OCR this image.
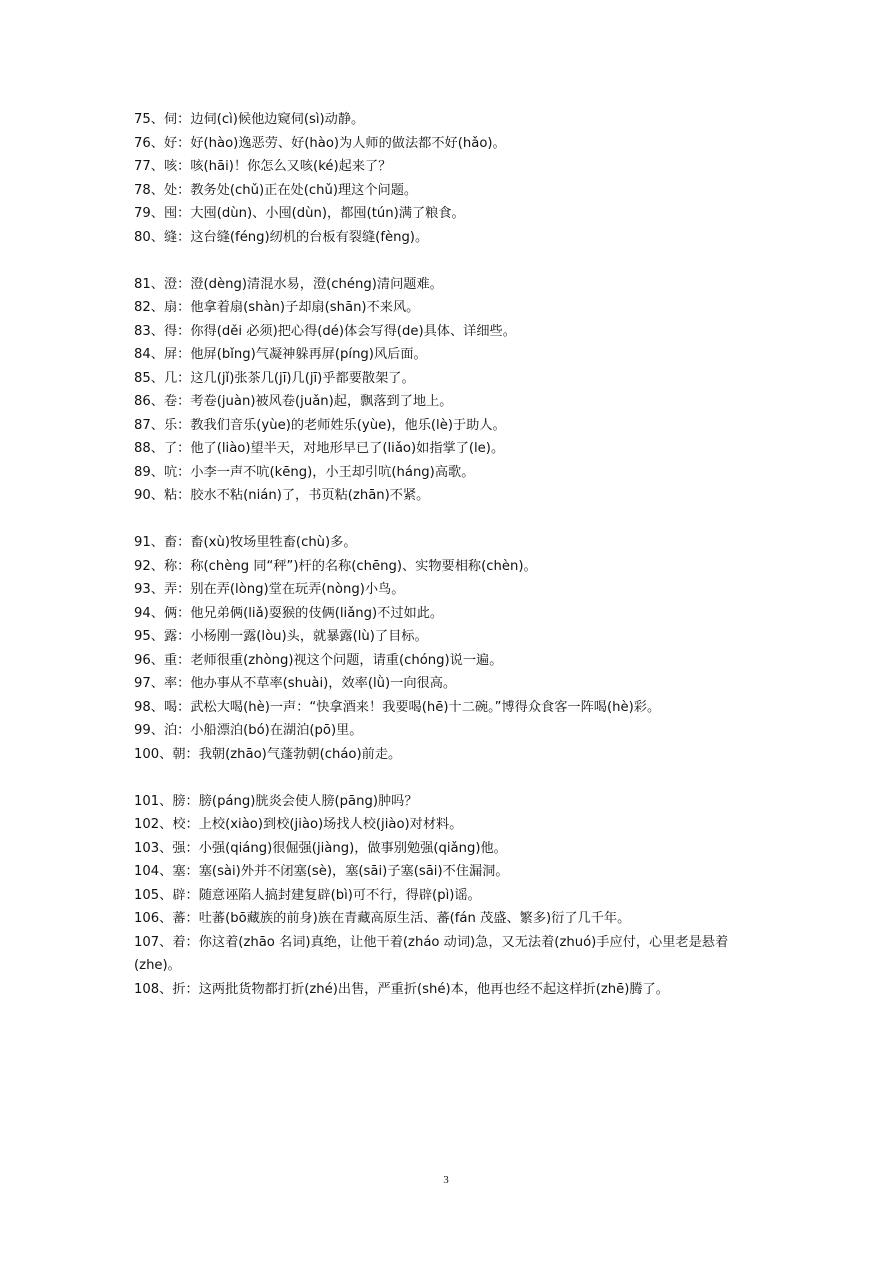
75、伺：边伺(cì)候他边窥伺(sì)动静。
76、好：好(hào)逸恶劳、好(hào)为人师的做法都不好(hǎo)。
77、咳：咳(hāi)！你怎么又咳(ké)起来了？
78、处：教务处(chǔ)正在处(chǔ)理这个问题。
79、囤：大囤(dùn)、小囤(dùn)，都囤(tún)满了粮食。
80、缝：这台缝(féng)纫机的台板有裂缝(fèng)。
81、澄：澄(dèng)清混水易，澄(chéng)清问题难。
82、扇：他拿着扇(shàn)子却扇(shān)不来风。
83、得：你得(děi 必须)把心得(dé)体会写得(de)具体、详细些。
84、屏：他屏(bǐng)气凝神躲再屏(píng)风后面。
85、几：这几(jǐ)张茶几(jī)几(jī)乎都要散架了。
86、卷：考卷(juàn)被风卷(juǎn)起，飘落到了地上。
87、乐：教我们音乐(yùe)的老师姓乐(yùe)，他乐(lè)于助人。
88、了：他了(liào)望半天，对地形早已了(liǎo)如指掌了(le)。
89、吭：小李一声不吭(kēng)，小王却引吭(háng)高歌。
90、粘：胶水不粘(nián)了，书页粘(zhān)不紧。
91、畜：畜(xù)牧场里牲畜(chù)多。
92、称：称(chèng 同“秤”)杆的名称(chēng)、实物要相称(chèn)。
93、弄：别在弄(lòng)堂在玩弄(nòng)小鸟。
94、俩：他兄弟俩(liǎ)耍猴的伎俩(liǎng)不过如此。
95、露：小杨刚一露(lòu)头，就暴露(lù)了目标。
96、重：老师很重(zhòng)视这个问题，请重(chóng)说一遍。
97、率：他办事从不草率(shuài)，效率(lǜ)一向很高。
98、喝：武松大喝(hè)一声：“快拿酒来！我要喝(hē)十二碗。”博得众食客一阵喝(hè)彩。
99、泊：小船漂泊(bó)在湖泊(pō)里。
100、朝：我朝(zhāo)气蓬勃朝(cháo)前走。
101、膀：膀(páng)胱炎会使人膀(pāng)肿吗？
102、校：上校(xiào)到校(jiào)场找人校(jiào)对材料。
103、强：小强(qiáng)很倔强(jiàng)，做事别勉强(qiǎng)他。
104、塞：塞(sài)外并不闭塞(sè)，塞(sāi)子塞(sāi)不住漏洞。
105、辟：随意诬陷人搞封建复辟(bì)可不行，得辟(pì)谣。
106、蕃：吐蕃(bō藏族的前身)族在青藏高原生活、蕃(fán 茂盛、繁多)衍了几千年。
107、着：你这着(zhāo 名词)真绝，让他干着(zháo 动词)急，又无法着(zhuó)手应付，心里老是悬着(zhe)。
108、折：这两批货物都打折(zhé)出售，严重折(shé)本，他再也经不起这样折(zhē)腾了。
3
